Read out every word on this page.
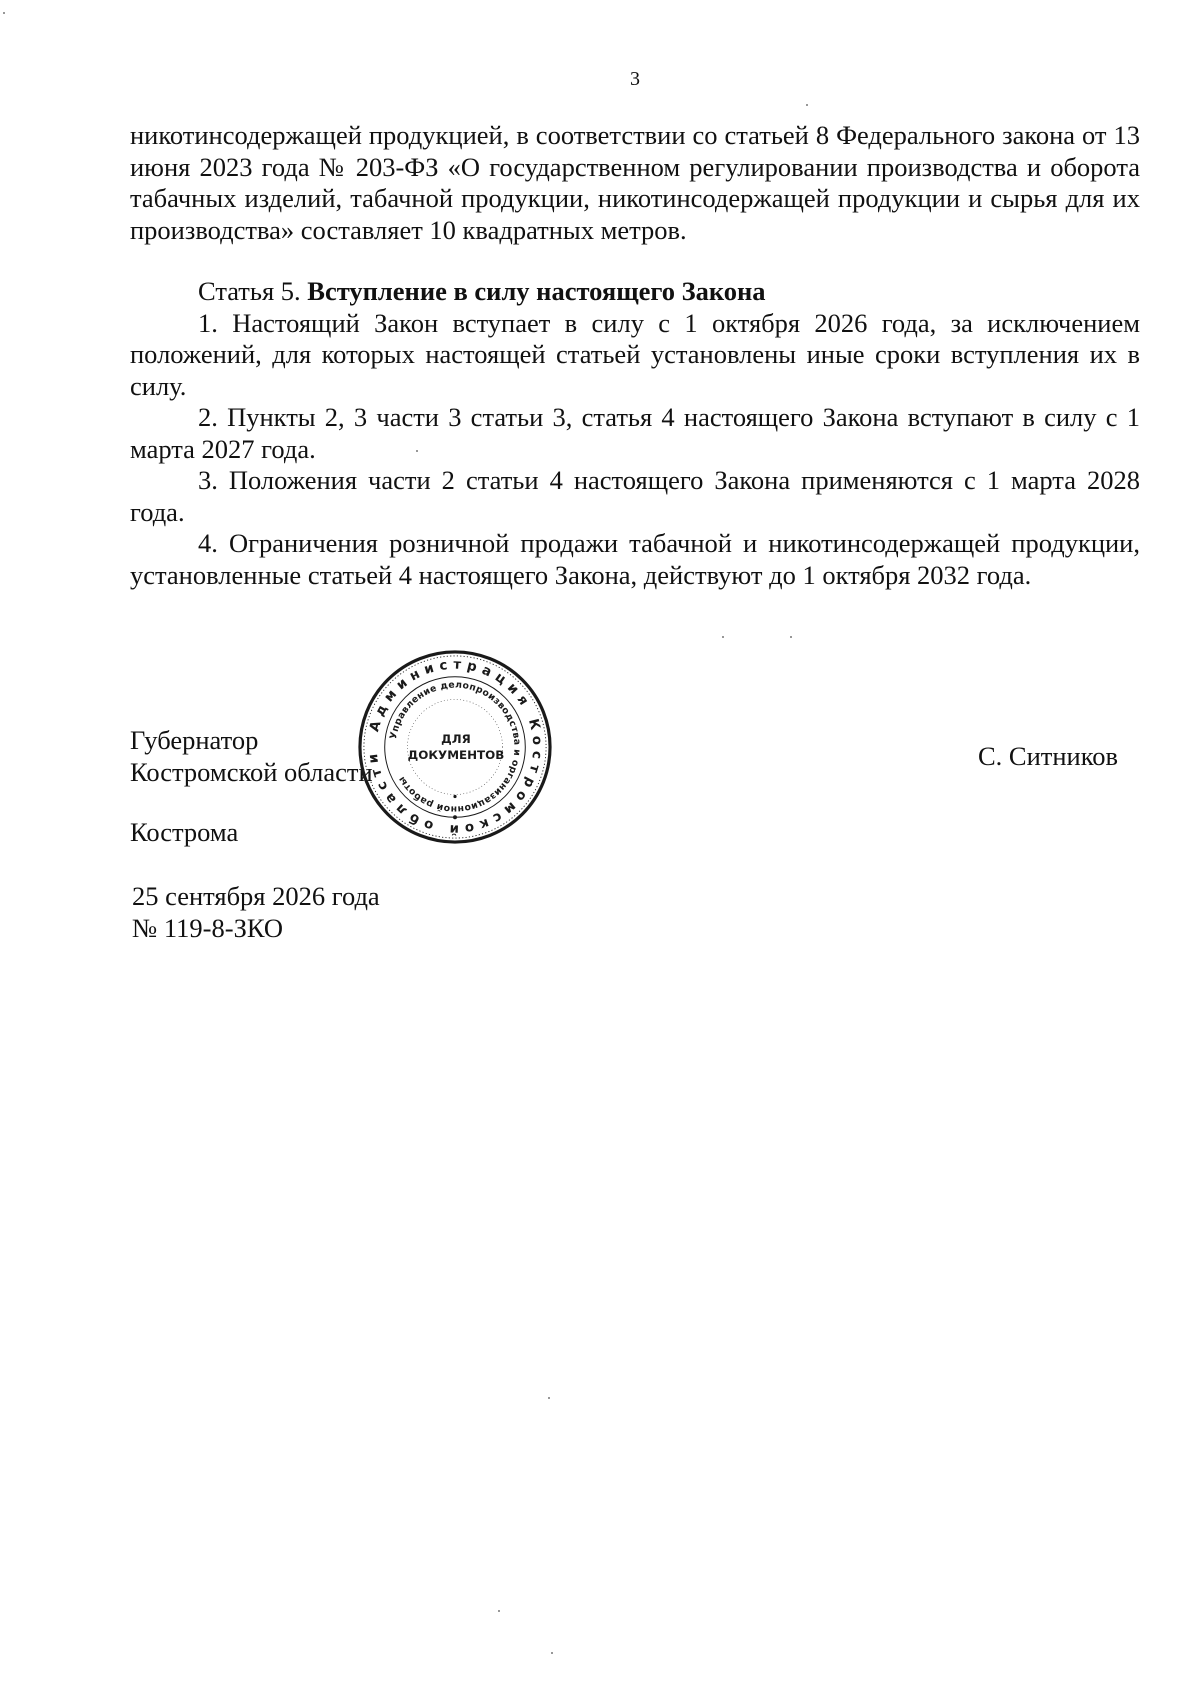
3

никотинсодержащей продукцией, в соответствии со статьей 8 Федерального закона от 13 июня 2023 года № 203-ФЗ «О государственном регулировании производства и оборота табачных изделий, табачной продукции, никотинсодержащей продукции и сырья для их производства» составляет 10 квадратных метров.

Статья 5. Вступление в силу настоящего Закона

1. Настоящий Закон вступает в силу с 1 октября 2026 года, за исключением положений, для которых настоящей статьей установлены иные сроки вступления их в силу.

2. Пункты 2, 3 части 3 статьи 3, статья 4 настоящего Закона вступают в силу с 1 марта 2027 года.

3. Положения части 2 статьи 4 настоящего Закона применяются с 1 марта 2028 года.

4. Ограничения розничной продажи табачной и никотинсодержащей продукции, установленные статьей 4 настоящего Закона, действуют до 1 октября 2032 года.

Губернатор
Костромской области
С. Ситников
Кострома
25 сентября 2026 года
№ 119-8-ЗКО
Администрация Костромской области
Управление делопроизводства и организационной работы
ДЛЯ
ДОКУМЕНТОВ
